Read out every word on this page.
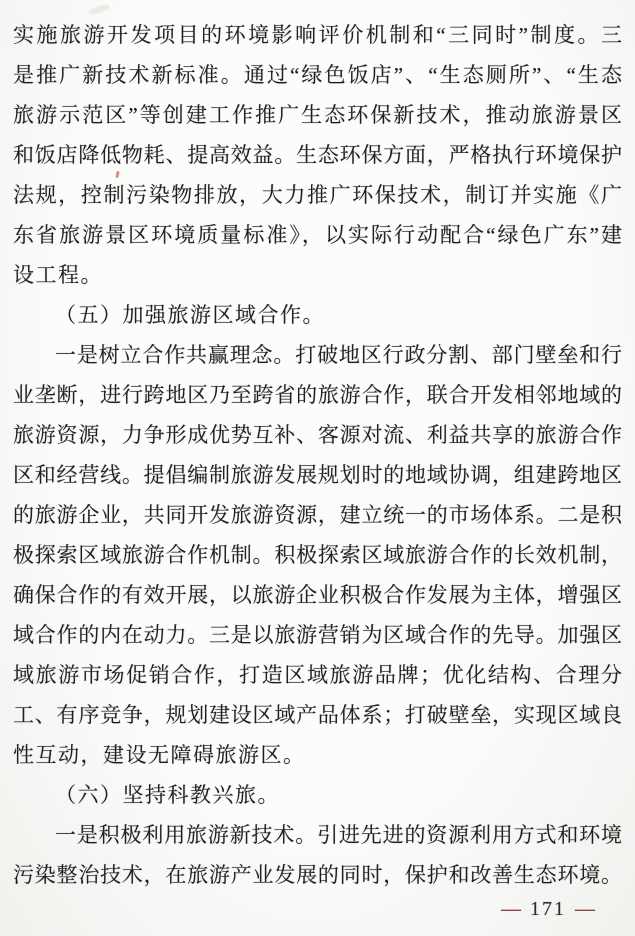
实施旅游开发项目的环境影响评价机制和“三同时”制度。三
是推广新技术新标准。通过“绿色饭店”、“生态厕所”、“生态
旅游示范区”等创建工作推广生态环保新技术，推动旅游景区
和饭店降低物耗、提高效益。生态环保方面，严格执行环境保护
法规，控制污染物排放，大力推广环保技术，制订并实施《广
东省旅游景区环境质量标准》，以实际行动配合“绿色广东”建
设工程。
（五）加强旅游区域合作。
一是树立合作共赢理念。打破地区行政分割、部门壁垒和行
业垄断，进行跨地区乃至跨省的旅游合作，联合开发相邻地域的
旅游资源，力争形成优势互补、客源对流、利益共享的旅游合作
区和经营线。提倡编制旅游发展规划时的地域协调，组建跨地区
的旅游企业，共同开发旅游资源，建立统一的市场体系。二是积
极探索区域旅游合作机制。积极探索区域旅游合作的长效机制，
确保合作的有效开展，以旅游企业积极合作发展为主体，增强区
域合作的内在动力。三是以旅游营销为区域合作的先导。加强区
域旅游市场促销合作，打造区域旅游品牌；优化结构、合理分
工、有序竞争，规划建设区域产品体系；打破壁垒，实现区域良
性互动，建设无障碍旅游区。
（六）坚持科教兴旅。
一是积极利用旅游新技术。引进先进的资源利用方式和环境
污染整治技术，在旅游产业发展的同时，保护和改善生态环境。
— 171 —
